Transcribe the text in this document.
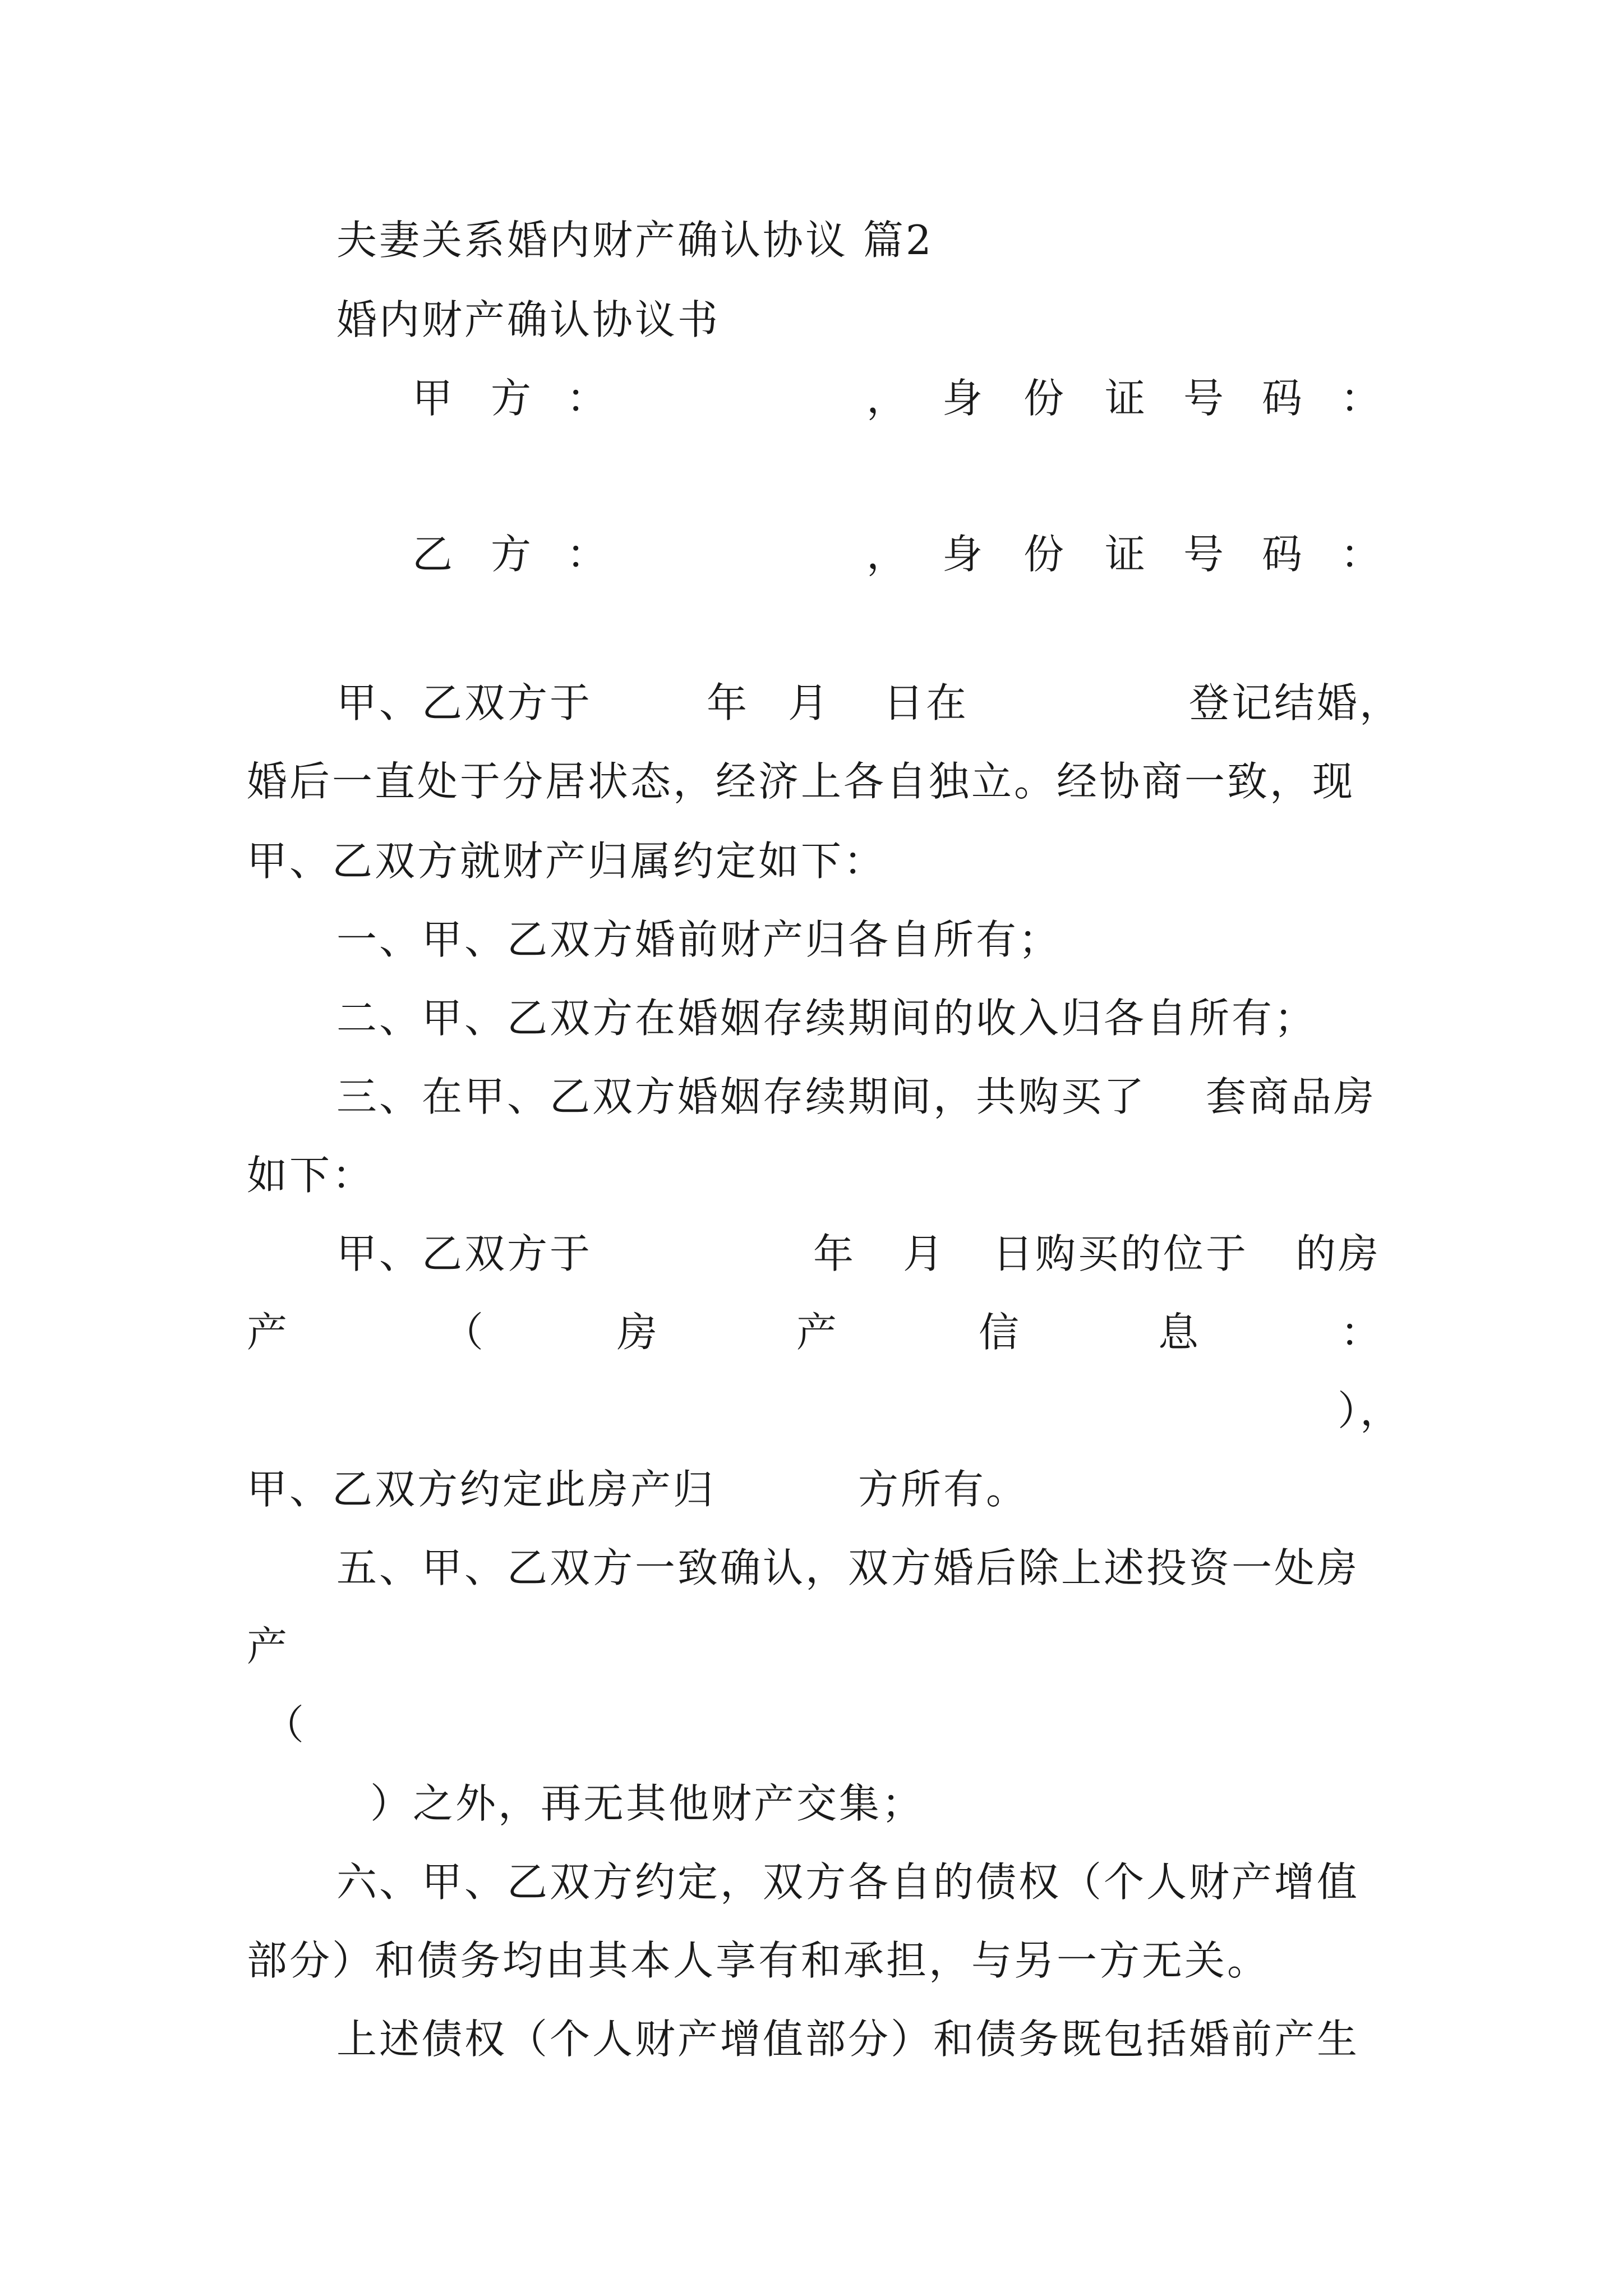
夫妻关系婚内财产确认协议 篇2
婚内财产确认协议书
甲 方 ：	， 身 份 证 号 码 ：
乙 方 ：	， 身 份 证 号 码 ：
甲、乙双方于	年 月 日在	登记结婚，
婚后一直处于分居状态，经济上各自独立。经协商一致，现
甲、乙双方就财产归属约定如下：
一、甲、乙双方婚前财产归各自所有；
二、甲、乙双方在婚姻存续期间的收入归各自所有；
三、在甲、乙双方婚姻存续期间，共购买了 套商品房
如下：
甲、乙双方于	年 月 日购买的位于 的房
产	（	房	产	信	息	：
），
甲、乙双方约定此房产归	方所有。
五、甲、乙双方一致确认，双方婚后除上述投资一处房
产
（
）之外，再无其他财产交集；
六、甲、乙双方约定，双方各自的债权（个人财产增值
部分）和债务均由其本人享有和承担，与另一方无关。
上述债权（个人财产增值部分）和债务既包括婚前产生
